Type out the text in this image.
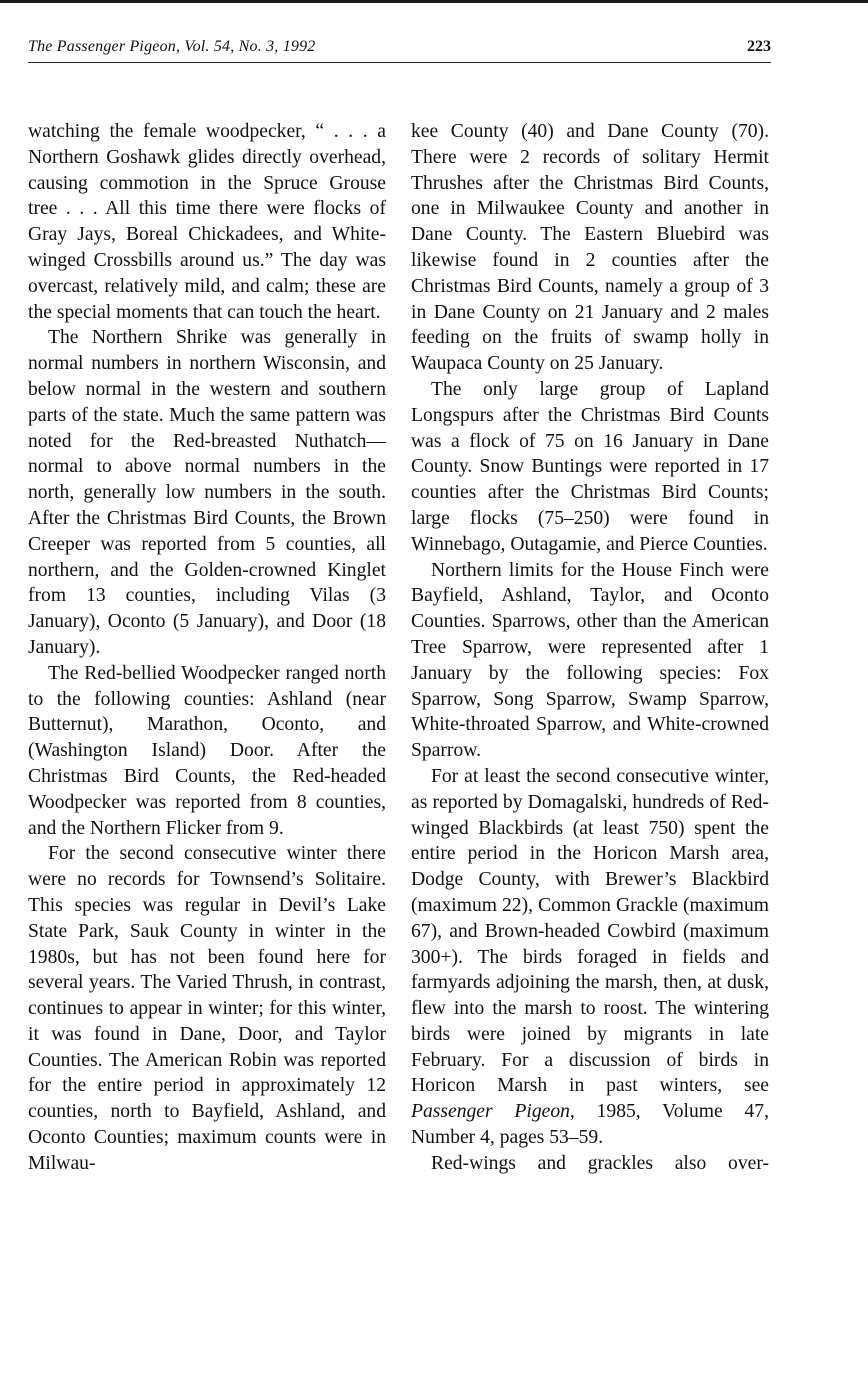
The Passenger Pigeon, Vol. 54, No. 3, 1992	223

watching the female woodpecker, “ . . . a Northern Goshawk glides directly overhead, causing commotion in the Spruce Grouse tree . . . All this time there were flocks of Gray Jays, Boreal Chickadees, and White-winged Crossbills around us.” The day was overcast, relatively mild, and calm; these are the special moments that can touch the heart.

The Northern Shrike was generally in normal numbers in northern Wisconsin, and below normal in the western and southern parts of the state. Much the same pattern was noted for the Red-breasted Nuthatch—normal to above normal numbers in the north, generally low numbers in the south. After the Christmas Bird Counts, the Brown Creeper was reported from 5 counties, all northern, and the Golden-crowned Kinglet from 13 counties, including Vilas (3 January), Oconto (5 January), and Door (18 January).

The Red-bellied Woodpecker ranged north to the following counties: Ashland (near Butternut), Marathon, Oconto, and (Washington Island) Door. After the Christmas Bird Counts, the Red-headed Woodpecker was reported from 8 counties, and the Northern Flicker from 9.

For the second consecutive winter there were no records for Townsend’s Solitaire. This species was regular in Devil’s Lake State Park, Sauk County in winter in the 1980s, but has not been found here for several years. The Varied Thrush, in contrast, continues to appear in winter; for this winter, it was found in Dane, Door, and Taylor Counties. The American Robin was reported for the entire period in approximately 12 counties, north to Bayfield, Ashland, and Oconto Counties; maximum counts were in Milwau-

kee County (40) and Dane County (70). There were 2 records of solitary Hermit Thrushes after the Christmas Bird Counts, one in Milwaukee County and another in Dane County. The Eastern Bluebird was likewise found in 2 counties after the Christmas Bird Counts, namely a group of 3 in Dane County on 21 January and 2 males feeding on the fruits of swamp holly in Waupaca County on 25 January.

The only large group of Lapland Longspurs after the Christmas Bird Counts was a flock of 75 on 16 January in Dane County. Snow Buntings were reported in 17 counties after the Christmas Bird Counts; large flocks (75–250) were found in Winnebago, Outagamie, and Pierce Counties.

Northern limits for the House Finch were Bayfield, Ashland, Taylor, and Oconto Counties. Sparrows, other than the American Tree Sparrow, were represented after 1 January by the following species: Fox Sparrow, Song Sparrow, Swamp Sparrow, White-throated Sparrow, and White-crowned Sparrow.

For at least the second consecutive winter, as reported by Domagalski, hundreds of Red-winged Blackbirds (at least 750) spent the entire period in the Horicon Marsh area, Dodge County, with Brewer’s Blackbird (maximum 22), Common Grackle (maximum 67), and Brown-headed Cowbird (maximum 300+). The birds foraged in fields and farmyards adjoining the marsh, then, at dusk, flew into the marsh to roost. The wintering birds were joined by migrants in late February. For a discussion of birds in Horicon Marsh in past winters, see Passenger Pigeon, 1985, Volume 47, Number 4, pages 53–59.

Red-wings and grackles also over-
